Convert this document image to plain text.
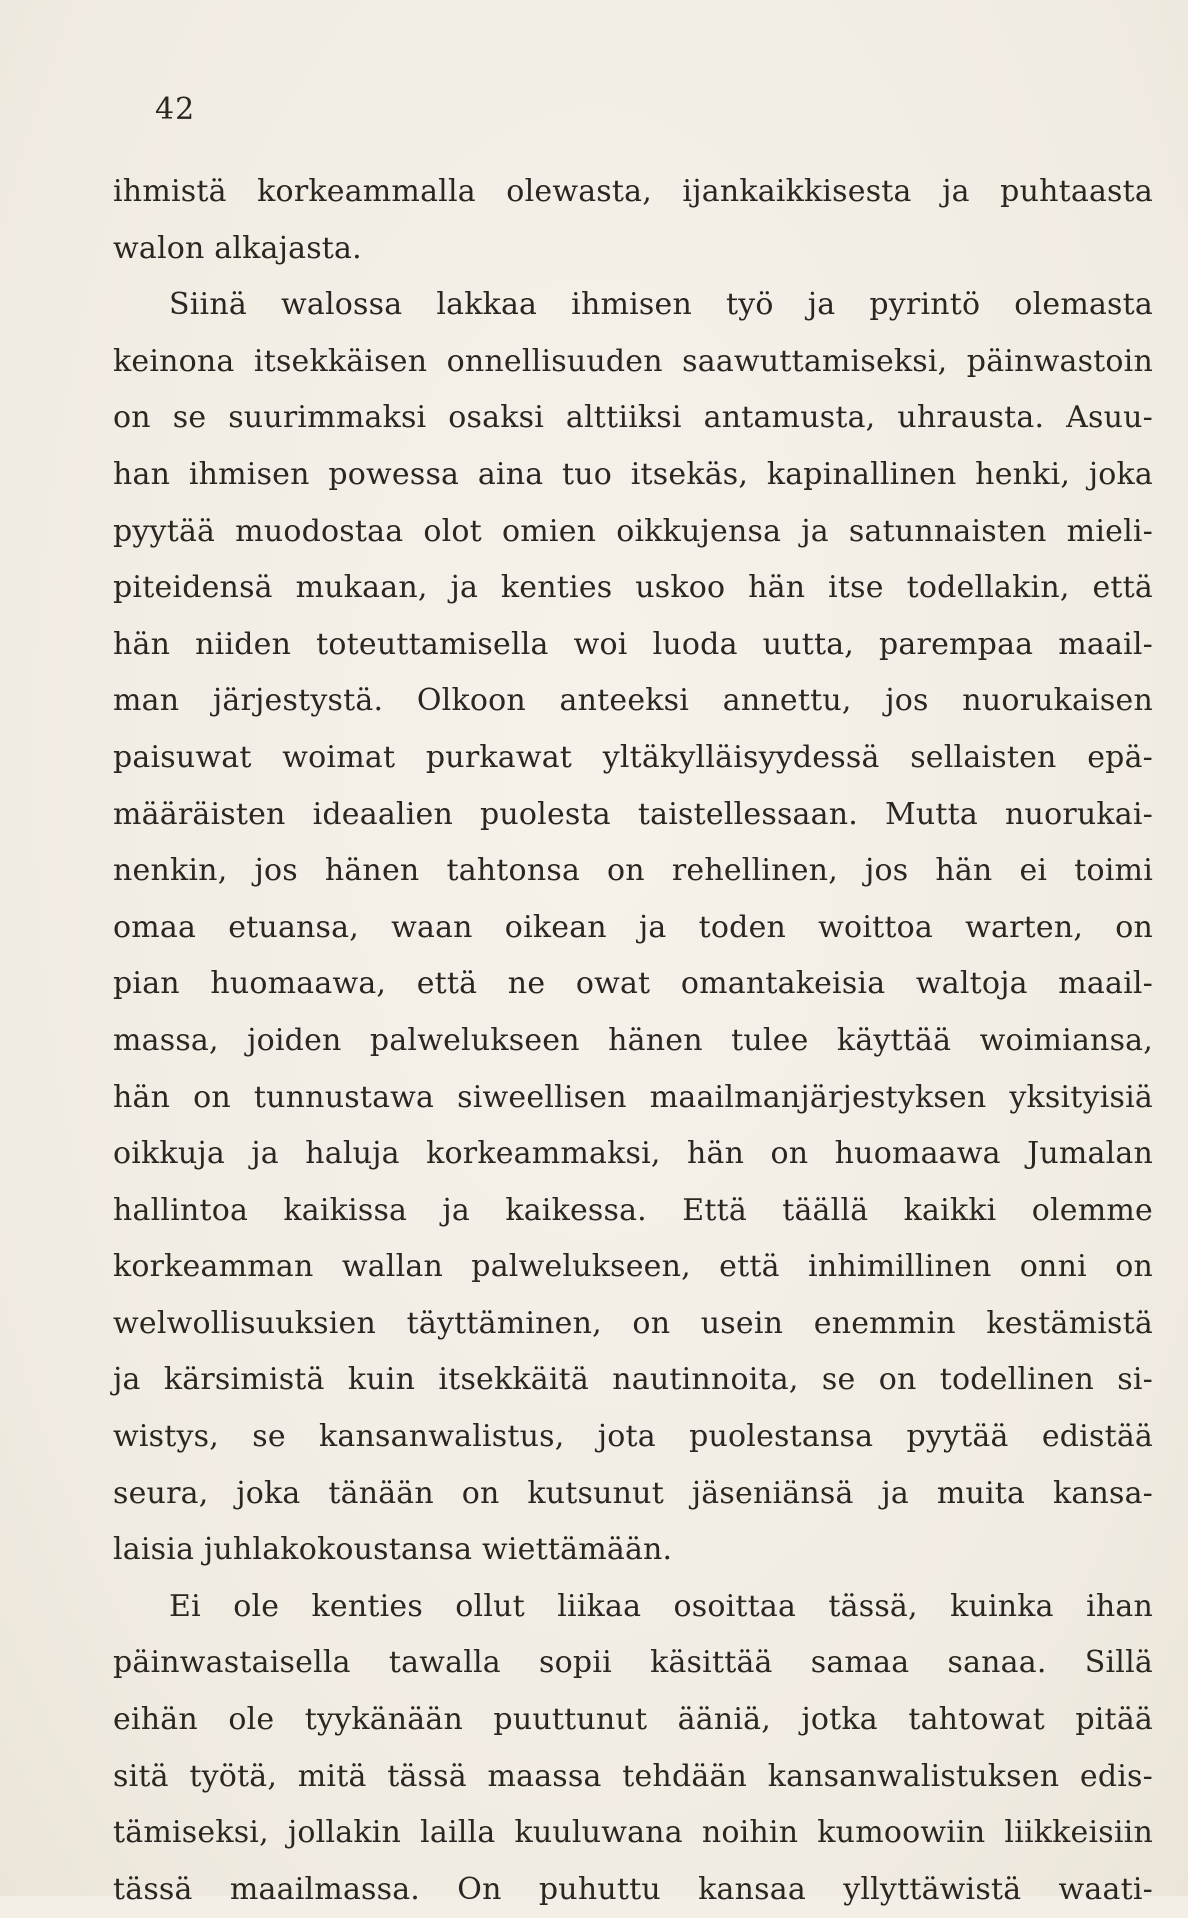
42
ihmistä korkeammalla olewasta, ijankaikkisesta ja puhtaasta
walon alkajasta.
Siinä walossa lakkaa ihmisen työ ja pyrintö olemasta
keinona itsekkäisen onnellisuuden saawuttamiseksi, päinwastoin
on se suurimmaksi osaksi alttiiksi antamusta, uhrausta. Asuu-
han ihmisen powessa aina tuo itsekäs, kapinallinen henki, joka
pyytää muodostaa olot omien oikkujensa ja satunnaisten mieli-
piteidensä mukaan, ja kenties uskoo hän itse todellakin, että
hän niiden toteuttamisella woi luoda uutta, parempaa maail-
man järjestystä. Olkoon anteeksi annettu, jos nuorukaisen
paisuwat woimat purkawat yltäkylläisyydessä sellaisten epä-
määräisten ideaalien puolesta taistellessaan. Mutta nuorukai-
nenkin, jos hänen tahtonsa on rehellinen, jos hän ei toimi
omaa etuansa, waan oikean ja toden woittoa warten, on
pian huomaawa, että ne owat omantakeisia waltoja maail-
massa, joiden palwelukseen hänen tulee käyttää woimiansa,
hän on tunnustawa siweellisen maailmanjärjestyksen yksityisiä
oikkuja ja haluja korkeammaksi, hän on huomaawa Jumalan
hallintoa kaikissa ja kaikessa. Että täällä kaikki olemme
korkeamman wallan palwelukseen, että inhimillinen onni on
welwollisuuksien täyttäminen, on usein enemmin kestämistä
ja kärsimistä kuin itsekkäitä nautinnoita, se on todellinen si-
wistys, se kansanwalistus, jota puolestansa pyytää edistää
seura, joka tänään on kutsunut jäseniänsä ja muita kansa-
laisia juhlakokoustansa wiettämään.
Ei ole kenties ollut liikaa osoittaa tässä, kuinka ihan
päinwastaisella tawalla sopii käsittää samaa sanaa. Sillä
eihän ole tyykänään puuttunut ääniä, jotka tahtowat pitää
sitä työtä, mitä tässä maassa tehdään kansanwalistuksen edis-
tämiseksi, jollakin lailla kuuluwana noihin kumoowiin liikkeisiin
tässä maailmassa. On puhuttu kansaa yllyttäwistä waati-
